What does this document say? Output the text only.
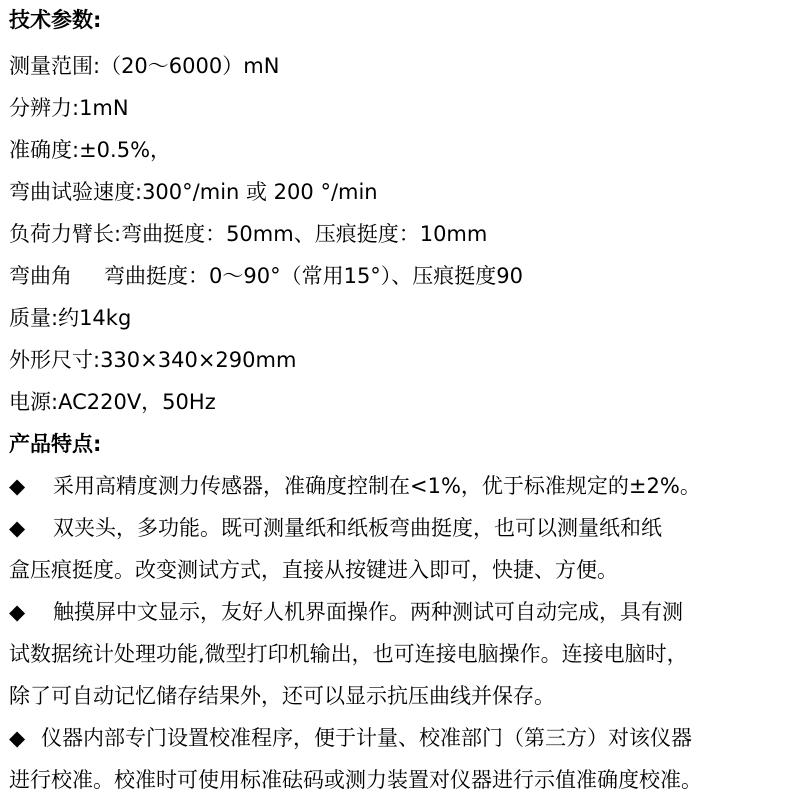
技术参数:
测量范围:（20～6000）mN
分辨力:1mN
准确度:±0.5%，
弯曲试验速度:300°/min 或 200 °/min
负荷力臂长:弯曲挺度：50mm、压痕挺度：10mm
弯曲角 弯曲挺度：0～90°（常用15°）、压痕挺度90
质量:约14kg
外形尺寸:330×340×290mm
电源:AC220V，50Hz
产品特点:
◆ 采用高精度测力传感器，准确度控制在<1%，优于标准规定的±2%。
◆ 双夹头，多功能。既可测量纸和纸板弯曲挺度，也可以测量纸和纸
盒压痕挺度。改变测试方式，直接从按键进入即可，快捷、方便。
◆ 触摸屏中文显示，友好人机界面操作。两种测试可自动完成，具有测
试数据统计处理功能,微型打印机输出，也可连接电脑操作。连接电脑时，
除了可自动记忆储存结果外，还可以显示抗压曲线并保存。
◆ 仪器内部专门设置校准程序，便于计量、校准部门（第三方）对该仪器
进行校准。校准时可使用标准砝码或测力装置对仪器进行示值准确度校准。
